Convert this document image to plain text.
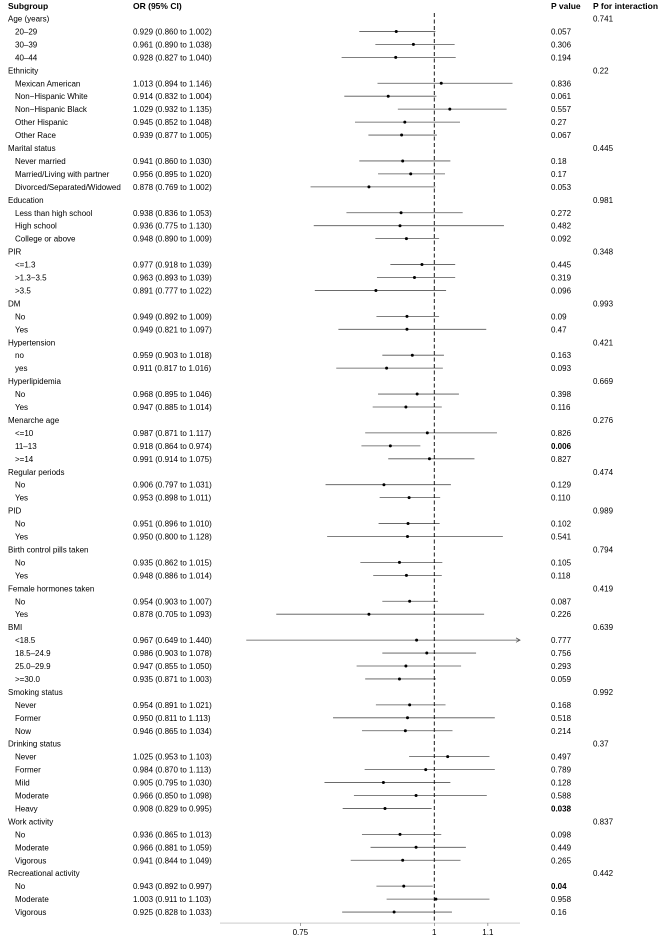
Subgroup	OR (95% CI)	P value P for interaction
Age (years)	0.741
20–29	0.929 (0.860 to 1.002)	0.057
30–39	0.961 (0.890 to 1.038)	0.306
40–44	0.928 (0.827 to 1.040)	0.194
Ethnicity	0.22
Mexican American	1.013 (0.894 to 1.146)	0.836
Non−Hispanic White	0.914 (0.832 to 1.004)	0.061
Non−Hispanic Black	1.029 (0.932 to 1.135)	0.557
Other Hispanic	0.945 (0.852 to 1.048)	0.27
Other Race	0.939 (0.877 to 1.005)	0.067
Marital status	0.445
Never married	0.941 (0.860 to 1.030)	0.18
Married/Living with partner	0.956 (0.895 to 1.020)	0.17
Divorced/Separated/Widowed 0.878 (0.769 to 1.002)	0.053
Education	0.981
Less than high school	0.938 (0.836 to 1.053)	0.272
High school	0.936 (0.775 to 1.130)	0.482
College or above	0.948 (0.890 to 1.009)	0.092
PIR	0.348
<=1.3	0.977 (0.918 to 1.039)	0.445
>1.3−3.5	0.963 (0.893 to 1.039)	0.319
>3.5	0.891 (0.777 to 1.022)	0.096
DM	0.993
No	0.949 (0.892 to 1.009)	0.09
Yes	0.949 (0.821 to 1.097)	0.47
Hypertension	0.421
no	0.959 (0.903 to 1.018)	0.163
yes	0.911 (0.817 to 1.016)	0.093
Hyperlipidemia	0.669
No	0.968 (0.895 to 1.046)	0.398
Yes	0.947 (0.885 to 1.014)	0.116
Menarche age	0.276
<=10	0.987 (0.871 to 1.117)	0.826
11–13	0.918 (0.864 to 0.974)	0.006
>=14	0.991 (0.914 to 1.075)	0.827
Regular periods	0.474
No	0.906 (0.797 to 1.031)	0.129
Yes	0.953 (0.898 to 1.011)	0.110
PID	0.989
No	0.951 (0.896 to 1.010)	0.102
Yes	0.950 (0.800 to 1.128)	0.541
Birth control pills taken	0.794
No	0.935 (0.862 to 1.015)	0.105
Yes	0.948 (0.886 to 1.014)	0.118
Female hormones taken	0.419
No	0.954 (0.903 to 1.007)	0.087
Yes	0.878 (0.705 to 1.093)	0.226
BMI	0.639
<18.5	0.967 (0.649 to 1.440)	0.777
18.5–24.9	0.986 (0.903 to 1.078)	0.756
25.0–29.9	0.947 (0.855 to 1.050)	0.293
>=30.0	0.935 (0.871 to 1.003)	0.059
Smoking status	0.992
Never	0.954 (0.891 to 1.021)	0.168
Former	0.950 (0.811 to 1.113)	0.518
Now	0.946 (0.865 to 1.034)	0.214
Drinking status	0.37
Never	1.025 (0.953 to 1.103)	0.497
Former	0.984 (0.870 to 1.113)	0.789
Mild	0.905 (0.795 to 1.030)	0.128
Moderate	0.966 (0.850 to 1.098)	0.588
Heavy	0.908 (0.829 to 0.995)	0.038
Work activity	0.837
No	0.936 (0.865 to 1.013)	0.098
Moderate	0.966 (0.881 to 1.059)	0.449
Vigorous	0.941 (0.844 to 1.049)	0.265
Recreational activity	0.442
No	0.943 (0.892 to 0.997)	0.04
Moderate	1.003 (0.911 to 1.103)	0.958
Vigorous	0.925 (0.828 to 1.033)	0.16
0.75	1	1.1
